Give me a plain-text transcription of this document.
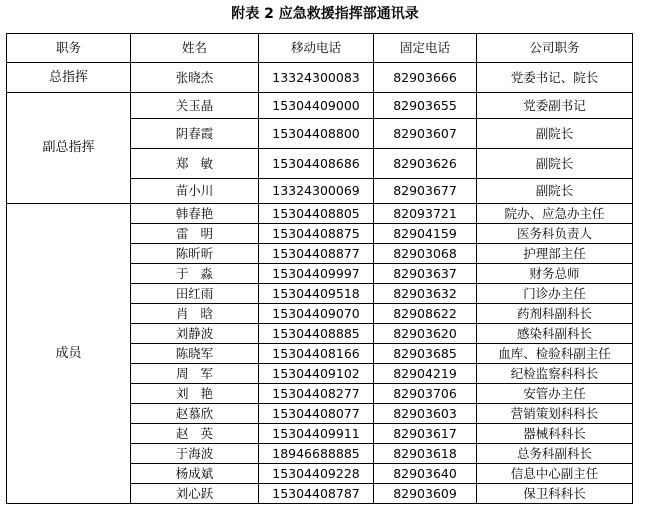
附表 2 应急救援指挥部通讯录
职务	姓名	移动电话	固定电话	公司职务
总指挥	张晓杰	13324300083	82903666	党委书记、院长
副总指挥	关玉晶	15304409000	82903655	党委副书记
	阴春霞	15304408800	82903607	副院长
	郑敏	15304408686	82903626	副院长
	苗小川	13324300069	82903677	副院长
成员	韩春艳	15304408805	82093721	院办、应急办主任
	雷明	15304408875	82904159	医务科负责人
	陈昕昕	15304408877	82903068	护理部主任
	于淼	15304409997	82903637	财务总师
	田红雨	15304409518	82903632	门诊办主任
	肖晗	15304409070	82908622	药剂科副科长
	刘静波	15304408885	82903620	感染科副科长
	陈晓军	15304408166	82903685	血库、检验科副主任
	周军	15304409102	82904219	纪检监察科科长
	刘艳	15304408277	82903706	安管办主任
	赵慕欣	15304408077	82903603	营销策划科科长
	赵英	15304409911	82903617	器械科科长
	于海波	18946688885	82903618	总务科副科长
	杨成斌	15304409228	82903640	信息中心副主任
	刘心跃	15304408787	82903609	保卫科科长
